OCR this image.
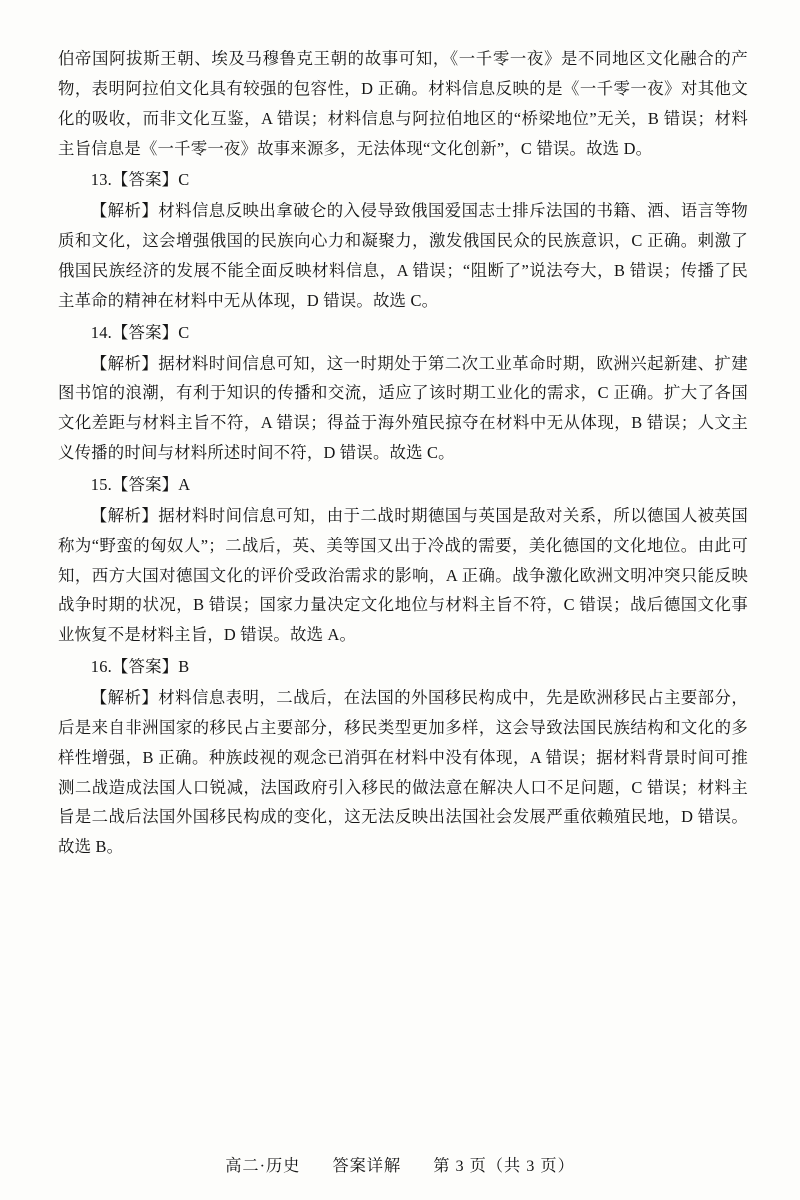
伯帝国阿拔斯王朝、埃及马穆鲁克王朝的故事可知，《一千零一夜》是不同地区文化融合的产物，表明阿拉伯文化具有较强的包容性，D 正确。材料信息反映的是《一千零一夜》对其他文化的吸收，而非文化互鉴，A 错误；材料信息与阿拉伯地区的“桥梁地位”无关，B 错误；材料主旨信息是《一千零一夜》故事来源多，无法体现“文化创新”，C 错误。故选 D。

13.【答案】C

【解析】材料信息反映出拿破仑的入侵导致俄国爱国志士排斥法国的书籍、酒、语言等物质和文化，这会增强俄国的民族向心力和凝聚力，激发俄国民众的民族意识，C 正确。刺激了俄国民族经济的发展不能全面反映材料信息，A 错误；“阻断了”说法夸大，B 错误；传播了民主革命的精神在材料中无从体现，D 错误。故选 C。

14.【答案】C

【解析】据材料时间信息可知，这一时期处于第二次工业革命时期，欧洲兴起新建、扩建图书馆的浪潮，有利于知识的传播和交流，适应了该时期工业化的需求，C 正确。扩大了各国文化差距与材料主旨不符，A 错误；得益于海外殖民掠夺在材料中无从体现，B 错误；人文主义传播的时间与材料所述时间不符，D 错误。故选 C。

15.【答案】A

【解析】据材料时间信息可知，由于二战时期德国与英国是敌对关系，所以德国人被英国称为“野蛮的匈奴人”；二战后，英、美等国又出于冷战的需要，美化德国的文化地位。由此可知，西方大国对德国文化的评价受政治需求的影响，A 正确。战争激化欧洲文明冲突只能反映战争时期的状况，B 错误；国家力量决定文化地位与材料主旨不符，C 错误；战后德国文化事业恢复不是材料主旨，D 错误。故选 A。

16.【答案】B

【解析】材料信息表明，二战后，在法国的外国移民构成中，先是欧洲移民占主要部分，后是来自非洲国家的移民占主要部分，移民类型更加多样，这会导致法国民族结构和文化的多样性增强，B 正确。种族歧视的观念已消弭在材料中没有体现，A 错误；据材料背景时间可推测二战造成法国人口锐减，法国政府引入移民的做法意在解决人口不足问题，C 错误；材料主旨是二战后法国外国移民构成的变化，这无法反映出法国社会发展严重依赖殖民地，D 错误。故选 B。

高二·历史 答案详解 第 3 页（共 3 页）
